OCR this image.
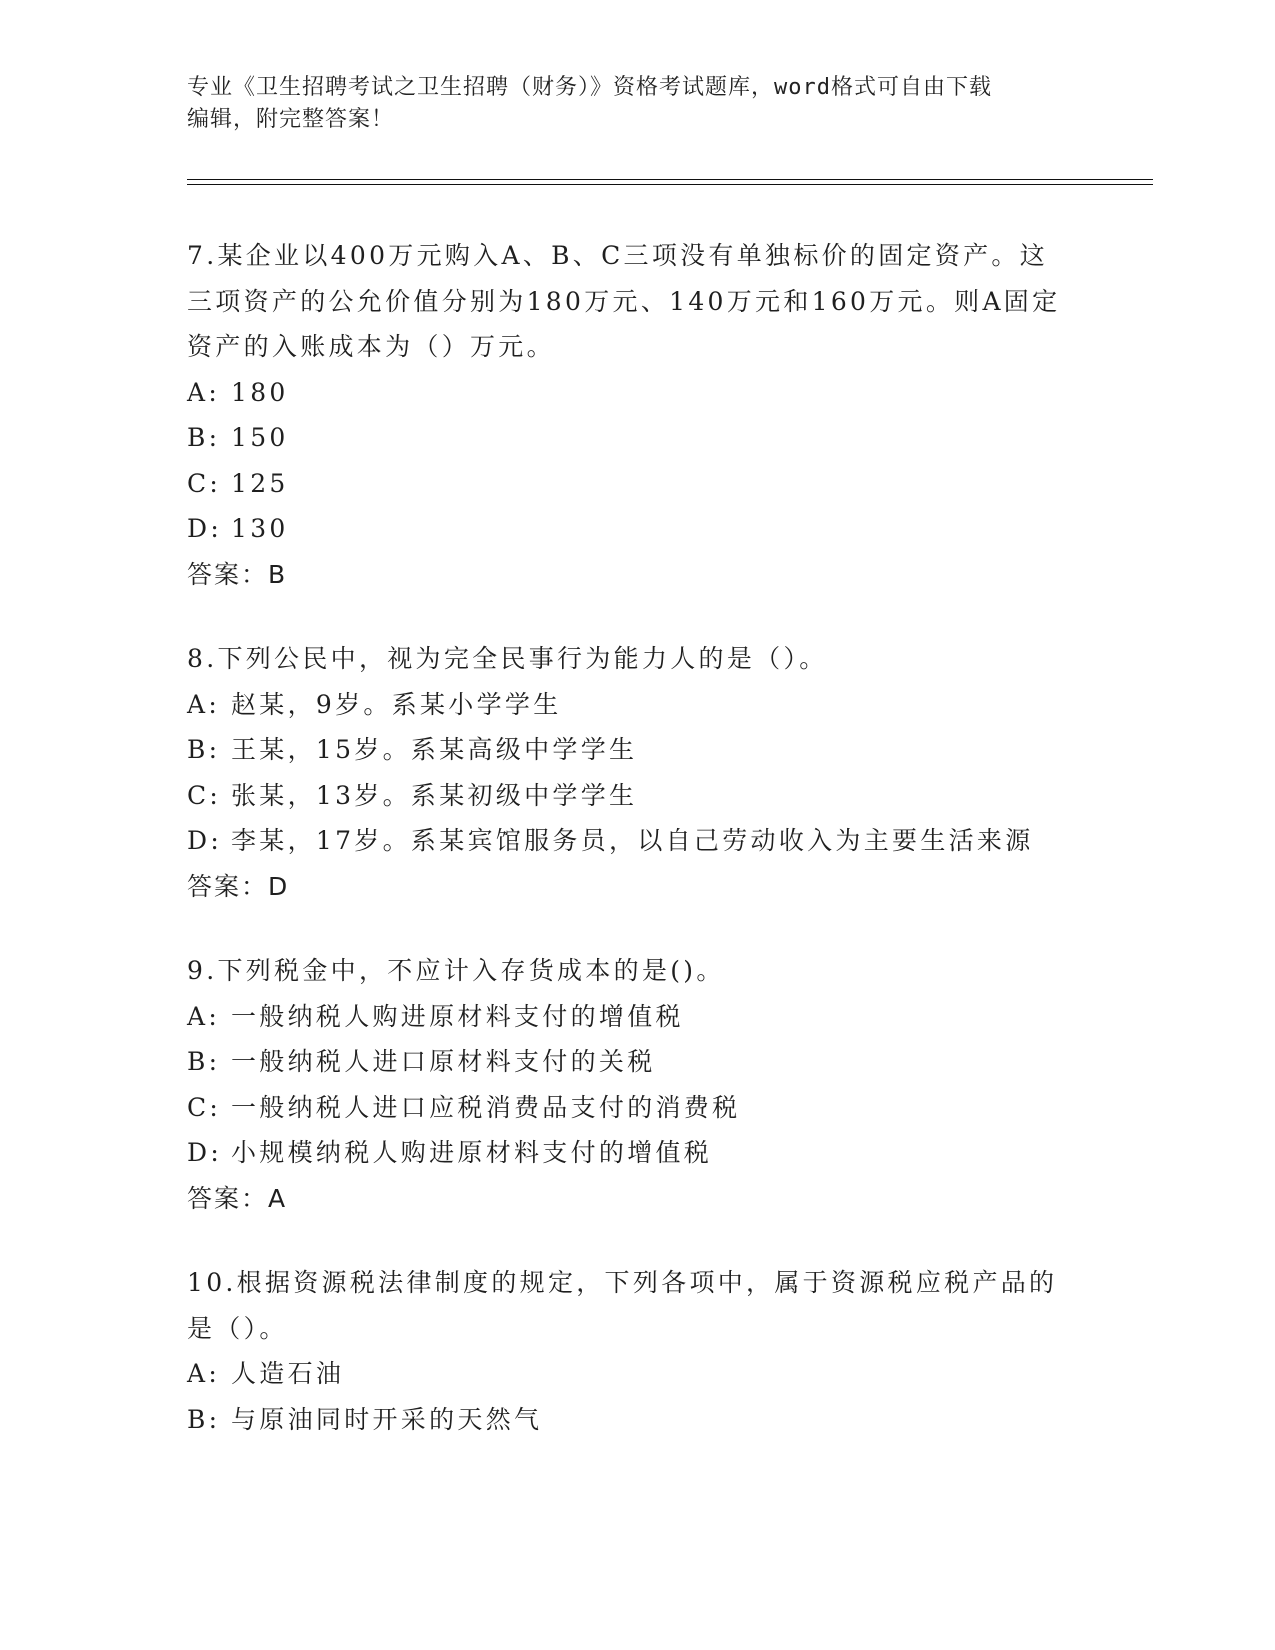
专业《卫生招聘考试之卫生招聘（财务）》资格考试题库，word格式可自由下载
编辑，附完整答案！
7.某企业以400万元购入A、B、C三项没有单独标价的固定资产。这
三项资产的公允价值分别为180万元、140万元和160万元。则A固定
资产的入账成本为（）万元。
A: 180
B: 150
C: 125
D: 130
答案：B
8.下列公民中，视为完全民事行为能力人的是（）。
A: 赵某，9岁。系某小学学生
B: 王某，15岁。系某高级中学学生
C: 张某，13岁。系某初级中学学生
D: 李某，17岁。系某宾馆服务员，以自己劳动收入为主要生活来源
答案：D
9.下列税金中，不应计入存货成本的是()。
A: 一般纳税人购进原材料支付的增值税
B: 一般纳税人进口原材料支付的关税
C: 一般纳税人进口应税消费品支付的消费税
D: 小规模纳税人购进原材料支付的增值税
答案：A
10.根据资源税法律制度的规定，下列各项中，属于资源税应税产品的
是（）。
A: 人造石油
B: 与原油同时开采的天然气
